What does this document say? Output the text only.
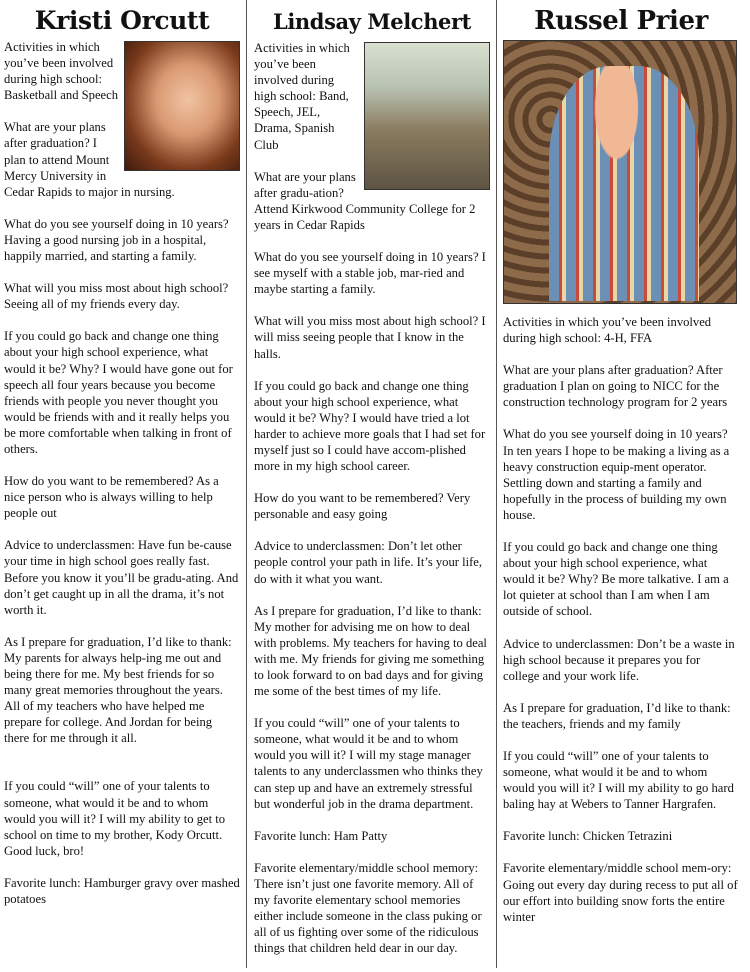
Kristi Orcutt

Activities in which you’ve been involved during high school: Basketball and Speech

What are your plans after graduation? I plan to attend Mount Mercy University in Cedar Rapids to major in nursing.

What do you see yourself doing in 10 years? Having a good nursing job in a hospital, happily married, and starting a family.

What will you miss most about high school? Seeing all of my friends every day.

If you could go back and change one thing about your high school experience, what would it be? Why? I would have gone out for speech all four years because you become friends with people you never thought you would be friends with and it really helps you be more comfortable when talking in front of others.

How do you want to be remembered? As a nice person who is always willing to help people out

Advice to underclassmen: Have fun be-cause your time in high school goes really fast. Before you know it you’ll be gradu-ating. And don’t get caught up in all the drama, it’s not worth it.

As I prepare for graduation, I’d like to thank: My parents for always help-ing me out and being there for me. My best friends for so many great memories throughout the years. All of my teachers who have helped me prepare for college. And Jordan for being there for me through it all.

If you could “will” one of your talents to someone, what would it be and to whom would you will it? I will my ability to get to school on time to my brother, Kody Orcutt. Good luck, bro!

Favorite lunch: Hamburger gravy over mashed potatoes

Lindsay Melchert

Activities in which you’ve been involved during high school: Band, Speech, JEL, Drama, Spanish Club

What are your plans after gradu-ation? Attend Kirkwood Community College for 2 years in Cedar Rapids

What do you see yourself doing in 10 years? I see myself with a stable job, mar-ried and maybe starting a family.

What will you miss most about high school? I will miss seeing people that I know in the halls.

If you could go back and change one thing about your high school experience, what would it be? Why? I would have tried a lot harder to achieve more goals that I had set for myself just so I could have accom-plished more in my high school career.

How do you want to be remembered? Very personable and easy going

Advice to underclassmen: Don’t let other people control your path in life. It’s your life, do with it what you want.

As I prepare for graduation, I’d like to thank: My mother for advising me on how to deal with problems. My teachers for having to deal with me. My friends for giving me something to look forward to on bad days and for giving me some of the best times of my life.

If you could “will” one of your talents to someone, what would it be and to whom would you will it? I will my stage manager talents to any underclassmen who thinks they can step up and have an extremely stressful but wonderful job in the drama department.

Favorite lunch: Ham Patty

Favorite elementary/middle school memory: There isn’t just one favorite memory. All of my favorite elementary school memories either include someone in the class puking or all of us fighting over some of the ridiculous things that children held dear in our day.

Russel Prier

Activities in which you’ve been involved during high school: 4-H, FFA

What are your plans after graduation? After graduation I plan on going to NICC for the construction technology program for 2 years

What do you see yourself doing in 10 years? In ten years I hope to be making a living as a heavy construction equip-ment operator. Settling down and starting a family and hopefully in the process of building my own house.

If you could go back and change one thing about your high school experience, what would it be? Why? Be more talkative. I am a lot quieter at school than I am when I am outside of school.

Advice to underclassmen: Don’t be a waste in high school because it prepares you for college and your work life.

As I prepare for graduation, I’d like to thank: the teachers, friends and my family

If you could “will” one of your talents to someone, what would it be and to whom would you will it? I will my ability to go hard baling hay at Webers to Tanner Hargrafen.

Favorite lunch: Chicken Tetrazini

Favorite elementary/middle school mem-ory: Going out every day during recess to put all of our effort into building snow forts the entire winter
